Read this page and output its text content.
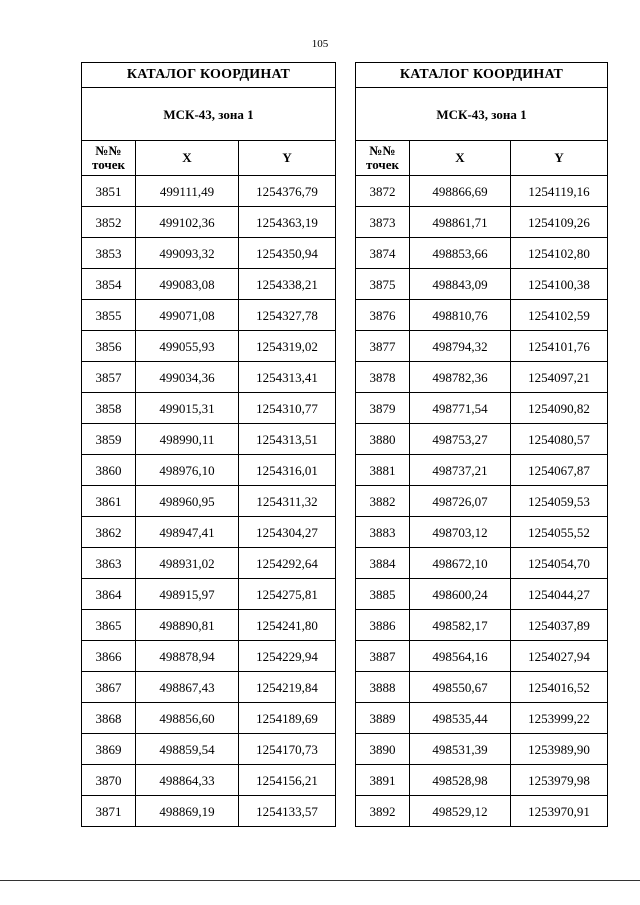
105
КАТАЛОГ КООРДИНАТ		
МСК-43, зона 1		
№№
точек	X	Y
3851	499111,49	1254376,79
3852	499102,36	1254363,19
3853	499093,32	1254350,94
3854	499083,08	1254338,21
3855	499071,08	1254327,78
3856	499055,93	1254319,02
3857	499034,36	1254313,41
3858	499015,31	1254310,77
3859	498990,11	1254313,51
3860	498976,10	1254316,01
3861	498960,95	1254311,32
3862	498947,41	1254304,27
3863	498931,02	1254292,64
3864	498915,97	1254275,81
3865	498890,81	1254241,80
3866	498878,94	1254229,94
3867	498867,43	1254219,84
3868	498856,60	1254189,69
3869	498859,54	1254170,73
3870	498864,33	1254156,21
3871	498869,19	1254133,57
КАТАЛОГ КООРДИНАТ		
МСК-43, зона 1		
№№
точек	X	Y
3872	498866,69	1254119,16
3873	498861,71	1254109,26
3874	498853,66	1254102,80
3875	498843,09	1254100,38
3876	498810,76	1254102,59
3877	498794,32	1254101,76
3878	498782,36	1254097,21
3879	498771,54	1254090,82
3880	498753,27	1254080,57
3881	498737,21	1254067,87
3882	498726,07	1254059,53
3883	498703,12	1254055,52
3884	498672,10	1254054,70
3885	498600,24	1254044,27
3886	498582,17	1254037,89
3887	498564,16	1254027,94
3888	498550,67	1254016,52
3889	498535,44	1253999,22
3890	498531,39	1253989,90
3891	498528,98	1253979,98
3892	498529,12	1253970,91
